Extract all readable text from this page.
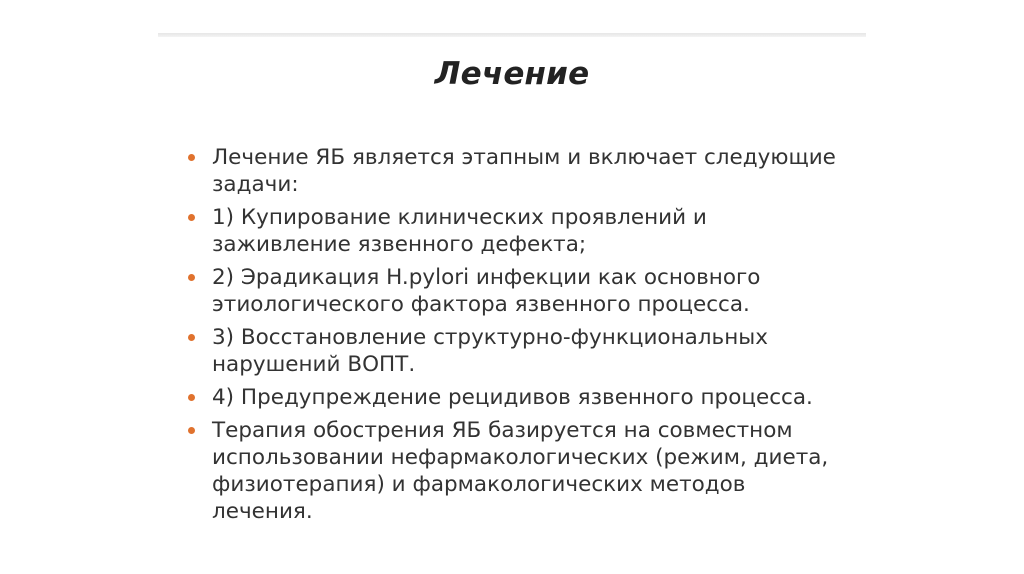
Лечение
Лечение ЯБ является этапным и включает следующие задачи:
1) Купирование клинических проявлений и заживление язвенного дефекта;
2) Эрадикация H.pylori инфекции как основного этиологического фактора язвенного процесса.
3) Восстановление структурно-функциональных нарушений ВОПТ.
4) Предупреждение рецидивов язвенного процесса.
Терапия обострения ЯБ базируется на совместном использовании нефармакологических (режим, диета, физиотерапия) и фармакологических методов лечения.
